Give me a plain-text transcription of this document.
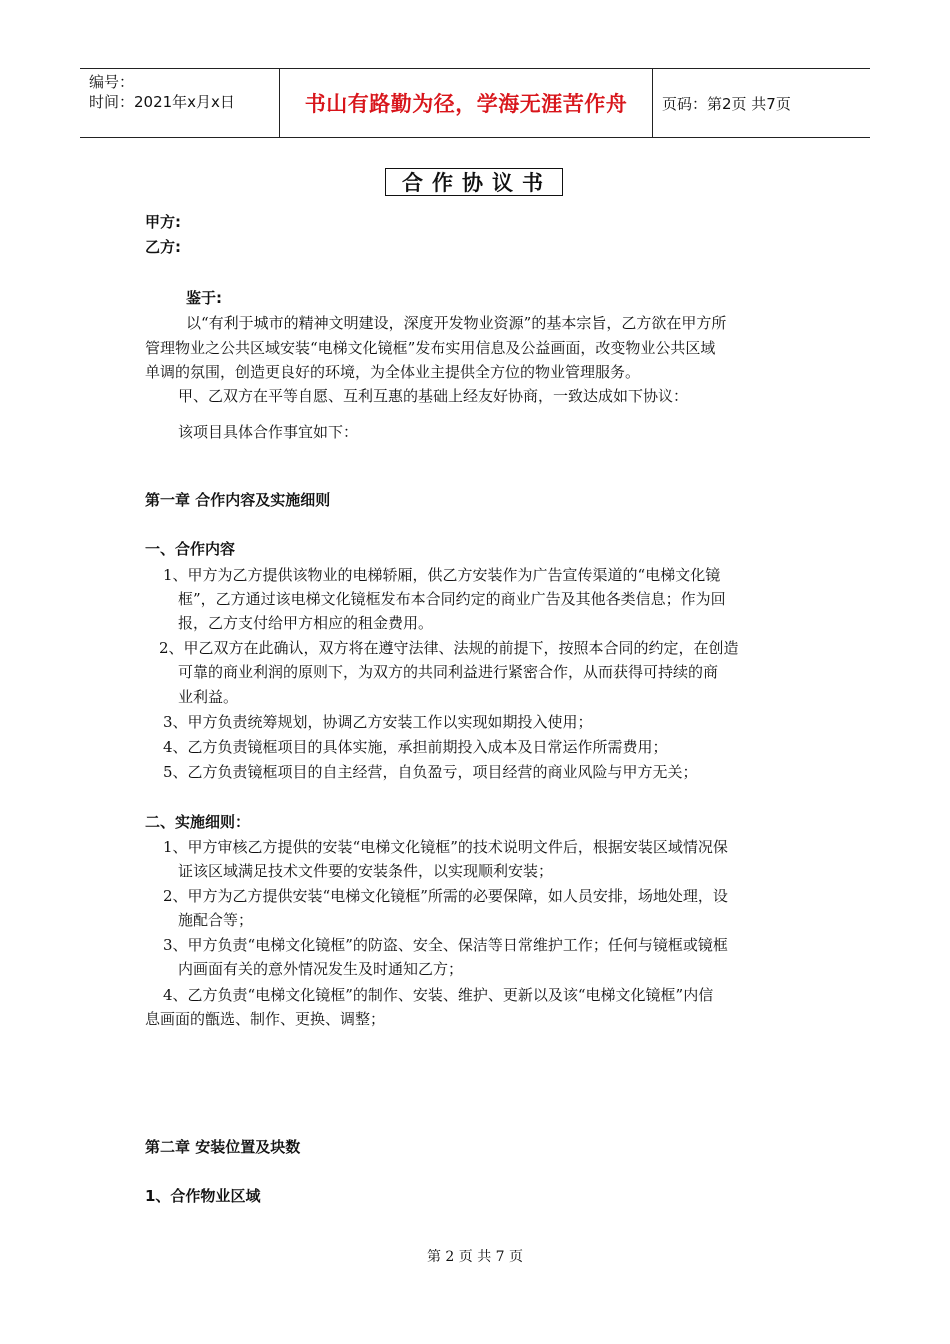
编号：
时间：2021年x月x日	书山有路勤为径，学海无涯苦作舟	页码：第2页 共7页
合作协议书
甲方:
乙方:
鉴于:
以“有利于城市的精神文明建设，深度开发物业资源”的基本宗旨，乙方欲在甲方所
管理物业之公共区域安装“电梯文化镜框”发布实用信息及公益画面，改变物业公共区域
单调的氛围，创造更良好的环境，为全体业主提供全方位的物业管理服务。
甲、乙双方在平等自愿、互利互惠的基础上经友好协商，一致达成如下协议：
该项目具体合作事宜如下：
第一章 合作内容及实施细则
一、合作内容
1、甲方为乙方提供该物业的电梯轿厢，供乙方安装作为广告宣传渠道的“电梯文化镜
框”，乙方通过该电梯文化镜框发布本合同约定的商业广告及其他各类信息；作为回
报，乙方支付给甲方相应的租金费用。
2、甲乙双方在此确认，双方将在遵守法律、法规的前提下，按照本合同的约定，在创造
可靠的商业利润的原则下，为双方的共同利益进行紧密合作，从而获得可持续的商
业利益。
3、甲方负责统筹规划，协调乙方安装工作以实现如期投入使用；
4、乙方负责镜框项目的具体实施，承担前期投入成本及日常运作所需费用；
5、乙方负责镜框项目的自主经营，自负盈亏，项目经营的商业风险与甲方无关；
二、实施细则：
1、甲方审核乙方提供的安装“电梯文化镜框”的技术说明文件后，根据安装区域情况保
证该区域满足技术文件要的安装条件，以实现顺利安装；
2、甲方为乙方提供安装“电梯文化镜框”所需的必要保障，如人员安排，场地处理，设
施配合等；
3、甲方负责“电梯文化镜框”的防盗、安全、保洁等日常维护工作；任何与镜框或镜框
内画面有关的意外情况发生及时通知乙方；
4、乙方负责“电梯文化镜框”的制作、安装、维护、更新以及该“电梯文化镜框”内信
息画面的甑选、制作、更换、调整；
第二章 安装位置及块数
1、合作物业区域
第 2 页 共 7 页
